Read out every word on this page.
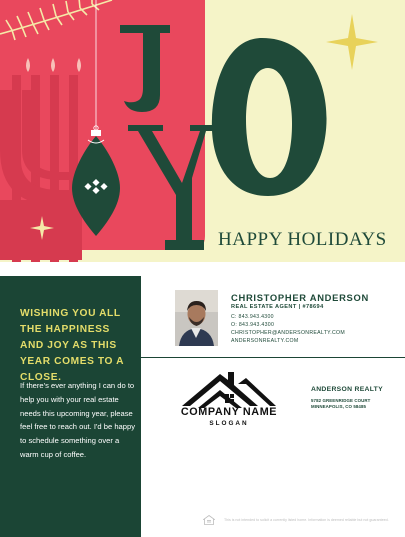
HAPPY HOLIDAYS
WISHING YOU ALL THE HAPPINESS AND JOY AS THIS YEAR COMES TO A CLOSE.
If there's ever anything I can do to help you with your real estate needs this upcoming year, please feel free to reach out. I'd be happy to schedule something over a warm cup of coffee.
CHRISTOPHER ANDERSON
REAL ESTATE AGENT | #78694
C: 843.943.4300
O: 843.943.4300
CHRISTOPHER@ANDERSONREALTY.COM
ANDERSONREALTY.COM
COMPANY NAME
SLOGAN
ANDERSON REALTY
5782 GREENRIDGE COURT
MINNEAPOLIS, CO 58485
This is not intended to solicit a currently listed home. Information is deemed reliable but not guaranteed.
